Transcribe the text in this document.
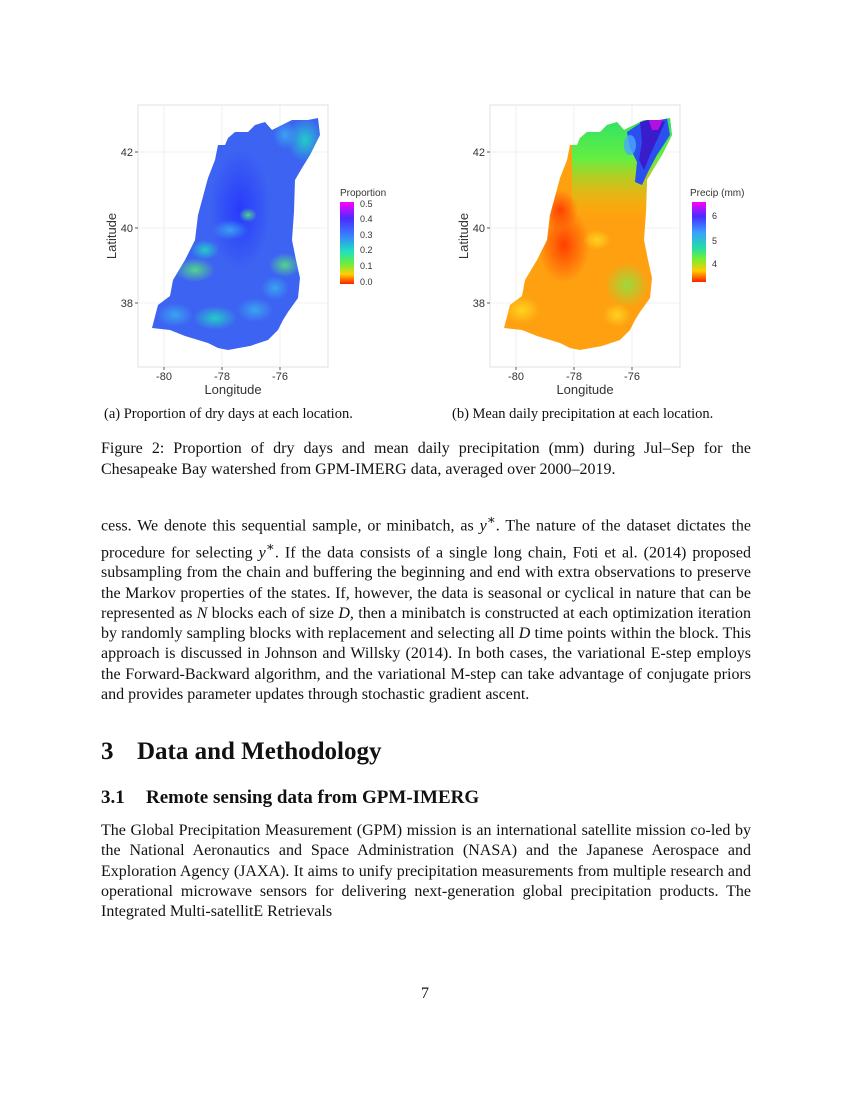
42
40
38
-80	-78	-76
Longitude
Latitude
Proportion
0.5
0.4
0.3
0.2
0.1
0.0
(a) Proportion of dry days at each location.
42
40
38
-80	-78	-76
Longitude
Latitude
Precip (mm)
6
5
4
(b) Mean daily precipitation at each location.
Figure 2: Proportion of dry days and mean daily precipitation (mm) during Jul–Sep for the Chesapeake Bay watershed from GPM-IMERG data, averaged over 2000–2019.
cess. We denote this sequential sample, or minibatch, as y∗. The nature of the dataset dictates the procedure for selecting y∗. If the data consists of a single long chain, Foti et al. (2014) proposed subsampling from the chain and buffering the beginning and end with extra observations to preserve the Markov properties of the states. If, however, the data is seasonal or cyclical in nature that can be represented as N blocks each of size D, then a minibatch is constructed at each optimization iteration by randomly sampling blocks with replacement and selecting all D time points within the block. This approach is discussed in Johnson and Willsky (2014). In both cases, the variational E-step employs the Forward-Backward algorithm, and the variational M-step can take advantage of conjugate priors and provides parameter updates through stochastic gradient ascent.
3 Data and Methodology
3.1 Remote sensing data from GPM-IMERG
The Global Precipitation Measurement (GPM) mission is an international satellite mission co-led by the National Aeronautics and Space Administration (NASA) and the Japanese Aerospace and Exploration Agency (JAXA). It aims to unify precipitation measurements from multiple research and operational microwave sensors for delivering next-generation global precipitation products. The Integrated Multi-satellitE Retrievals
7
